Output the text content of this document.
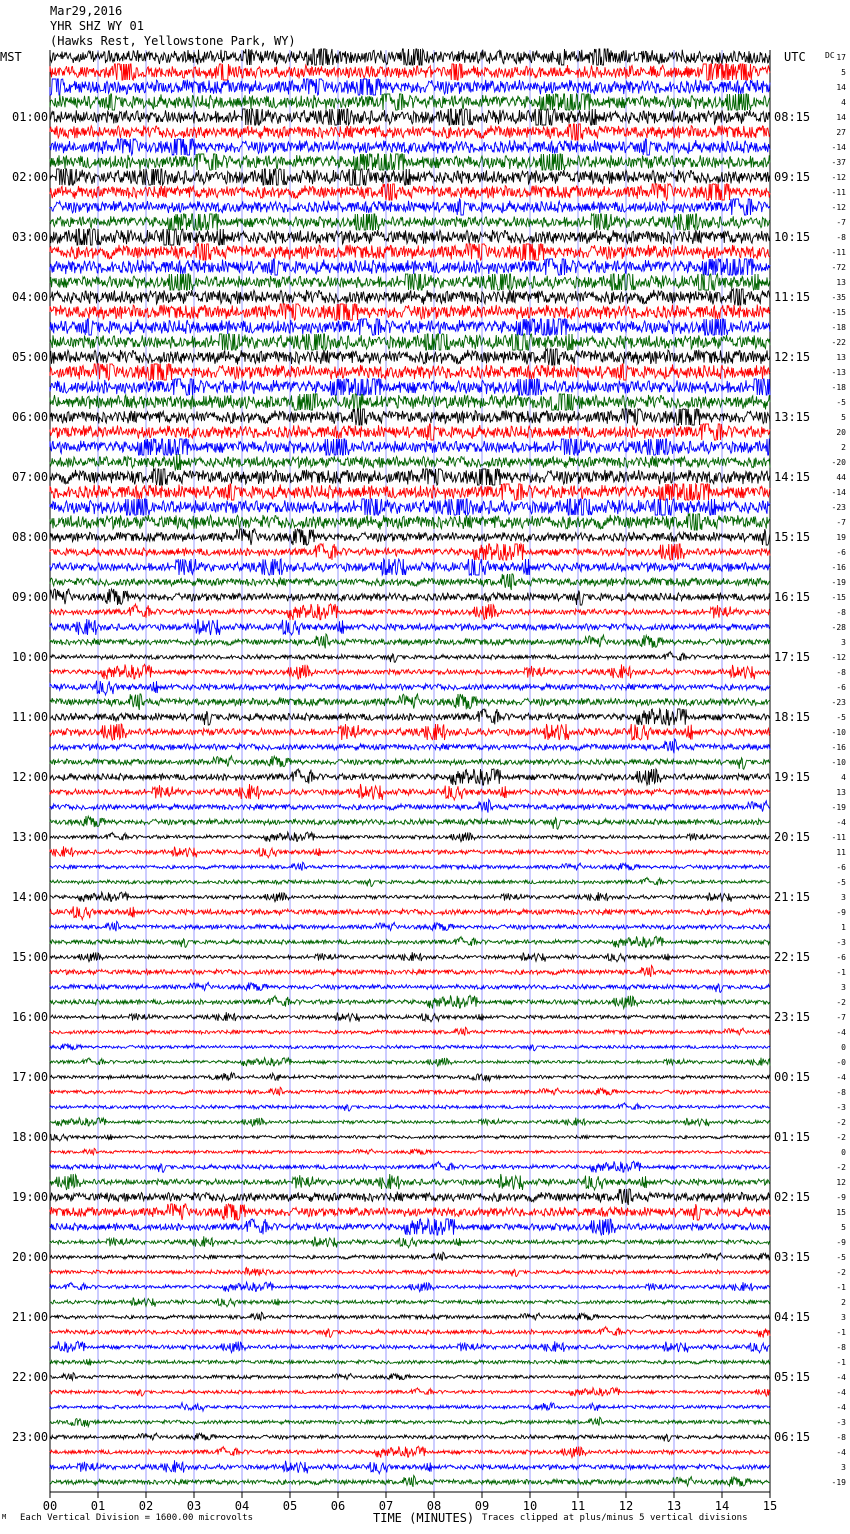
Mar29,2016
YHR SHZ WY 01
(Hawks Rest, Yellowstone Park, WY)
MST	UTC DC
TIME (MINUTES)
01:00
02:00
03:00
04:00
05:00
06:00
07:00
08:00
09:00
10:00
11:00
12:00
13:00
14:00
15:00
16:00
17:00
18:00
19:00
20:00
21:00
22:00
23:00
08:15
09:15
10:15
11:15
12:15
13:15
14:15
15:15
16:15
17:15
18:15
19:15
20:15
21:15
22:15
23:15
00:15
01:15
02:15
03:15
04:15
05:15
06:15
17
5
14
4
14
27
-14
-37
-12
-11
-12
-7
-8
-11
-72
13
-35
-15
-18
-22
13
-13
-18
-5
5
20
2
-20
44
-14
-23
-7
19
-6
-16
-19
-15
-8
-28
3
-12
-8
-6
-23
-5
-10
-16
-10
4
13
-19
-4
-11
11
-6
-5
3
-9
1
-3
-6
-1
3
-2
-7
-4
0
-0
-4
-8
-3
-2
-2
0
-2
12
-9
15
5
-9
-5
-2
-1
2
3
-1
-8
-1
-4
-4
-4
-3
-8
-4
3
-19
00	01	02	03	04	05	06	07	08	09	10	11	12	13	14	15
M Each Vertical Division = 1600.00 microvolts	Traces clipped at plus/minus 5 vertical divisions
